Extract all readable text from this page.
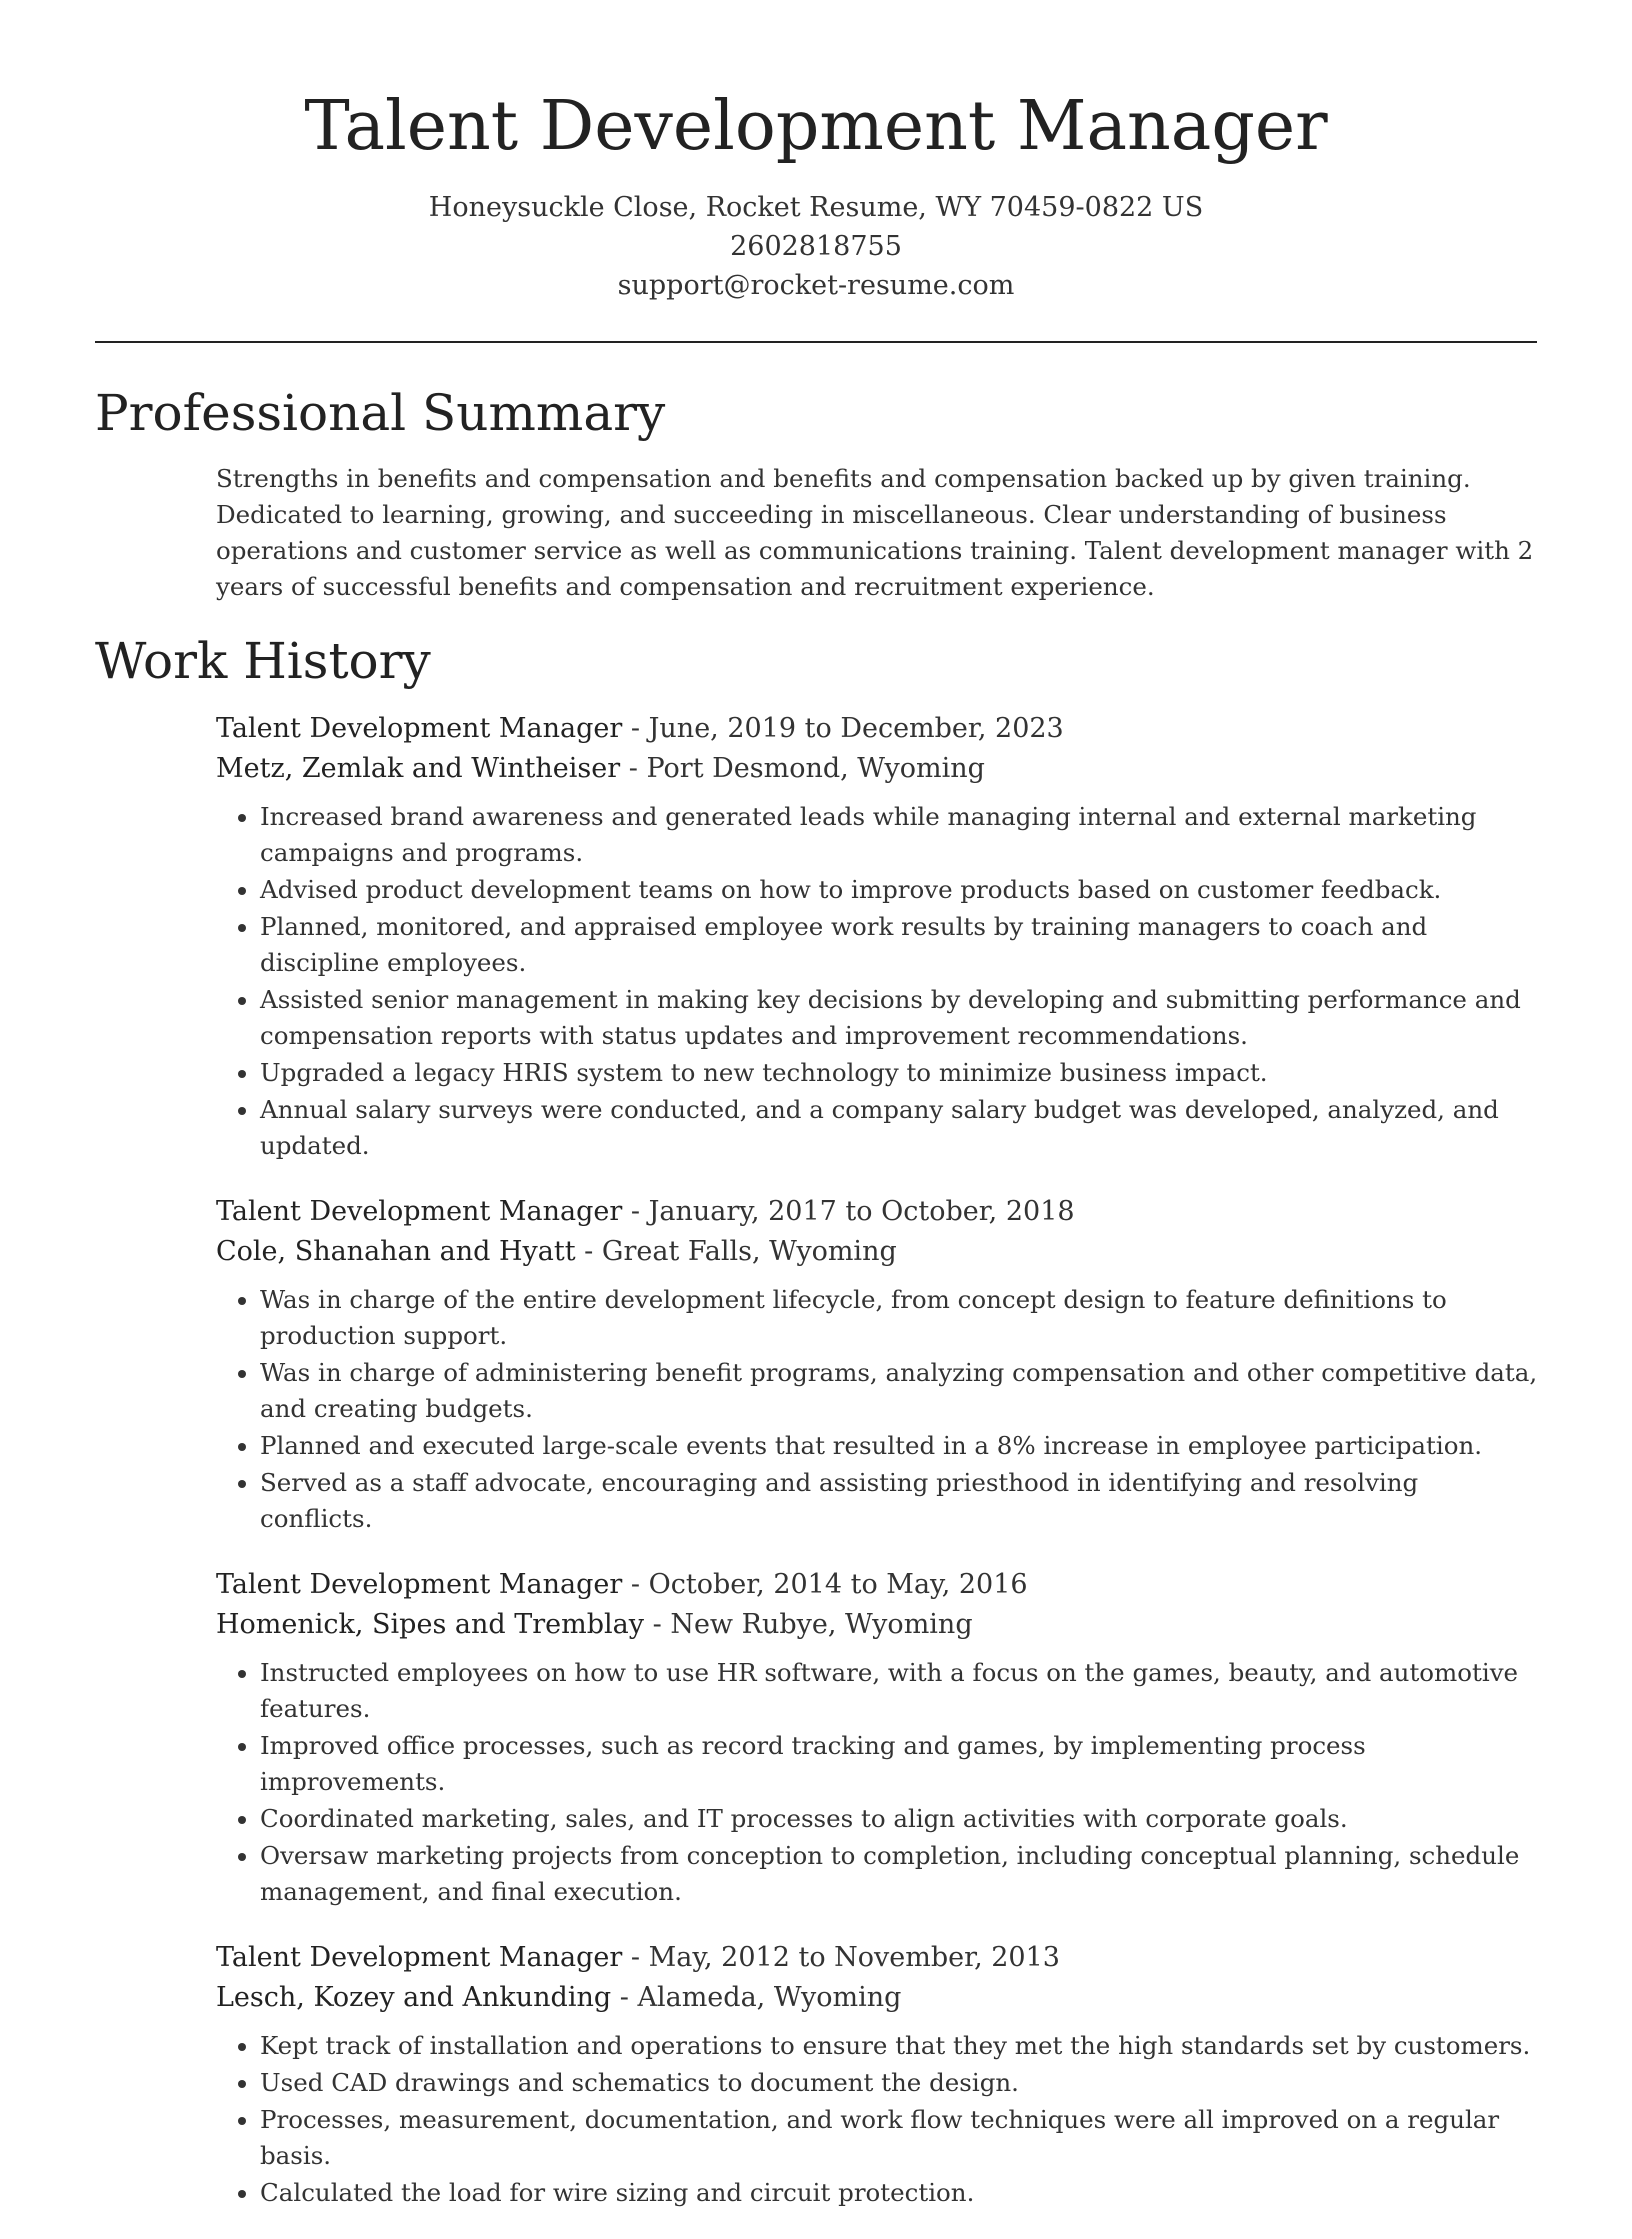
Talent Development Manager
Honeysuckle Close, Rocket Resume, WY 70459-0822 US
2602818755
support@rocket-resume.com
Professional Summary
Strengths in benefits and compensation and benefits and compensation backed up by given training. Dedicated to learning, growing, and succeeding in miscellaneous. Clear understanding of business operations and customer service as well as communications training. Talent development manager with 2 years of successful benefits and compensation and recruitment experience.
Work History
Talent Development Manager - June, 2019 to December, 2023
Metz, Zemlak and Wintheiser - Port Desmond, Wyoming
• Increased brand awareness and generated leads while managing internal and external marketing campaigns and programs.
• Advised product development teams on how to improve products based on customer feedback.
• Planned, monitored, and appraised employee work results by training managers to coach and discipline employees.
• Assisted senior management in making key decisions by developing and submitting performance and compensation reports with status updates and improvement recommendations.
• Upgraded a legacy HRIS system to new technology to minimize business impact.
• Annual salary surveys were conducted, and a company salary budget was developed, analyzed, and updated.
Talent Development Manager - January, 2017 to October, 2018
Cole, Shanahan and Hyatt - Great Falls, Wyoming
• Was in charge of the entire development lifecycle, from concept design to feature definitions to production support.
• Was in charge of administering benefit programs, analyzing compensation and other competitive data, and creating budgets.
• Planned and executed large-scale events that resulted in a 8% increase in employee participation.
• Served as a staff advocate, encouraging and assisting priesthood in identifying and resolving conflicts.
Talent Development Manager - October, 2014 to May, 2016
Homenick, Sipes and Tremblay - New Rubye, Wyoming
• Instructed employees on how to use HR software, with a focus on the games, beauty, and automotive features.
• Improved office processes, such as record tracking and games, by implementing process improvements.
• Coordinated marketing, sales, and IT processes to align activities with corporate goals.
• Oversaw marketing projects from conception to completion, including conceptual planning, schedule management, and final execution.
Talent Development Manager - May, 2012 to November, 2013
Lesch, Kozey and Ankunding - Alameda, Wyoming
• Kept track of installation and operations to ensure that they met the high standards set by customers.
• Used CAD drawings and schematics to document the design.
• Processes, measurement, documentation, and work flow techniques were all improved on a regular basis.
• Calculated the load for wire sizing and circuit protection.
